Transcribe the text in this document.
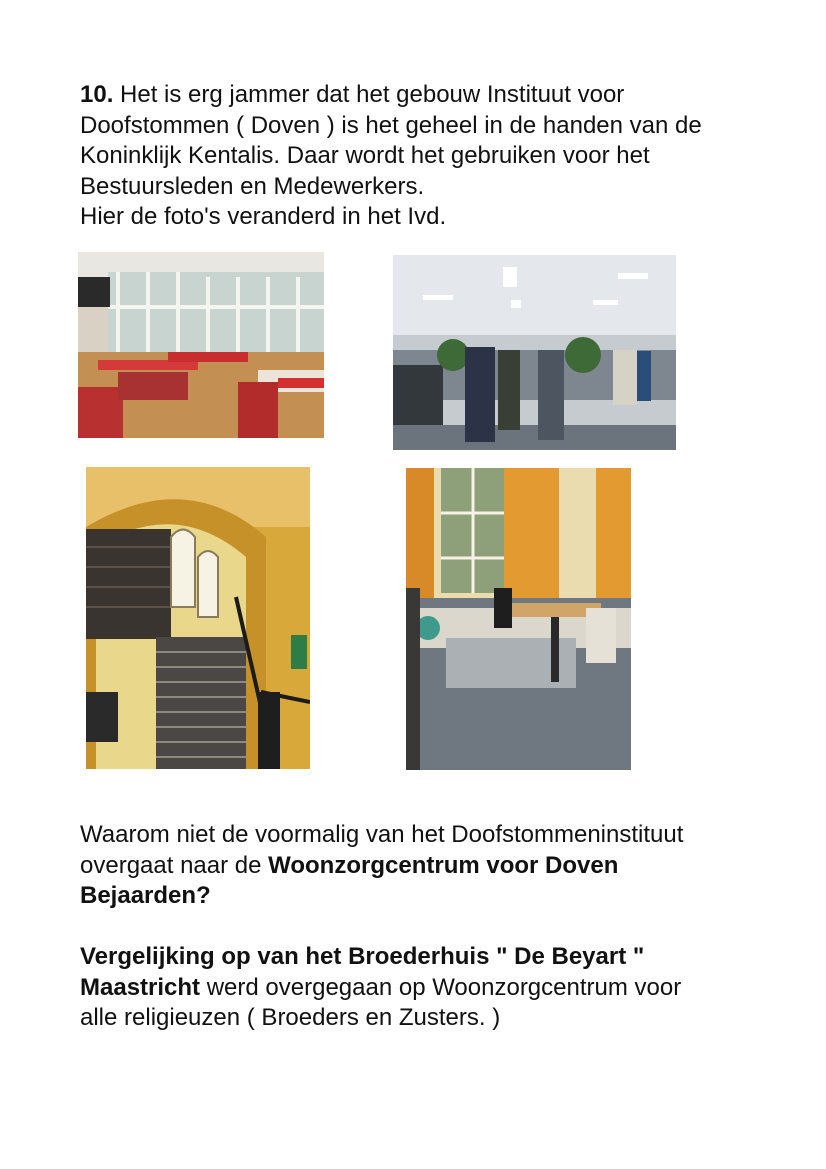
10. Het is erg jammer dat het gebouw Instituut voor
Doofstommen ( Doven ) is het geheel in de handen van de
Koninklijk Kentalis. Daar wordt het gebruiken voor het
Bestuursleden en Medewerkers.
Hier de foto's veranderd in het Ivd.
Waarom niet de voormalig van het Doofstommeninstituut
overgaat naar de Woonzorgcentrum voor Doven
Bejaarden?
Vergelijking op van het Broederhuis " De Beyart "
Maastricht werd overgegaan op Woonzorgcentrum voor
alle religieuzen ( Broeders en Zusters. )
